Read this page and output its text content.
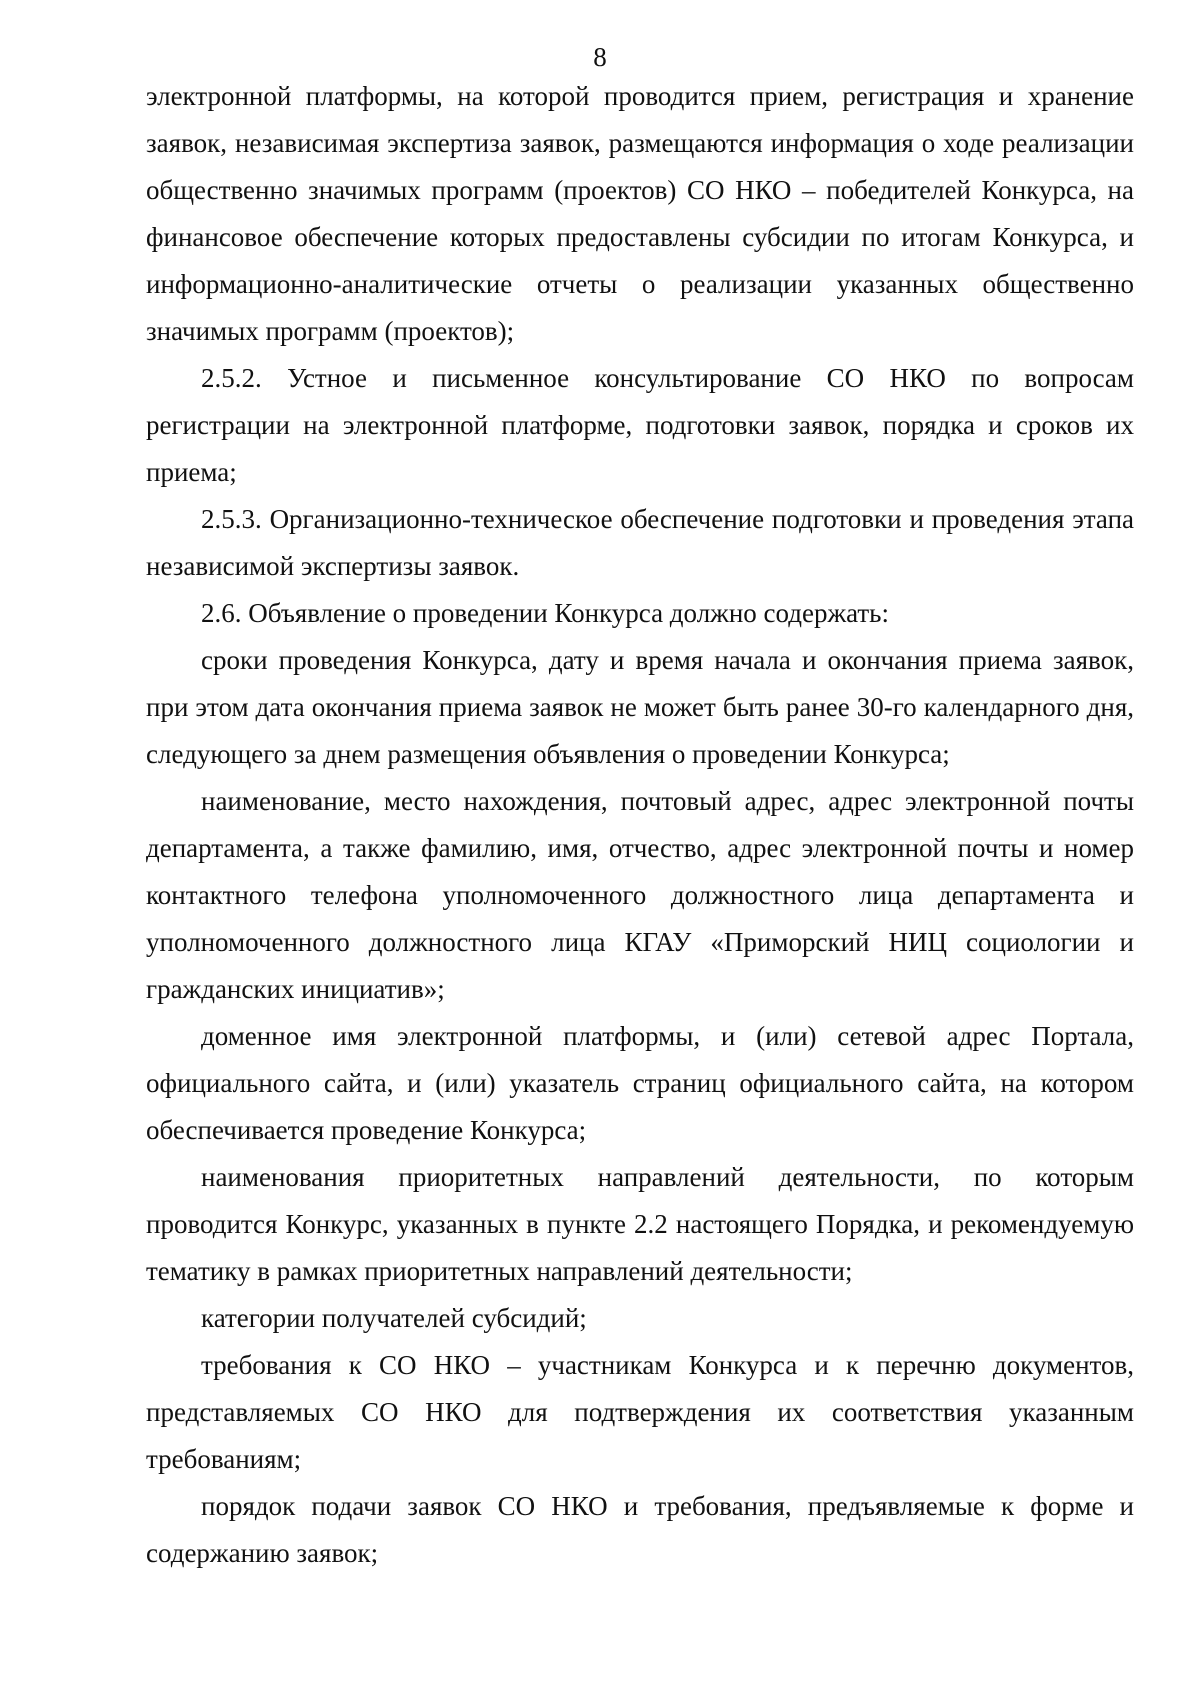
8

электронной платформы, на которой проводится прием, регистрация и хранение заявок, независимая экспертиза заявок, размещаются информация о ходе реализации общественно значимых программ (проектов) СО НКО – победителей Конкурса, на финансовое обеспечение которых предоставлены субсидии по итогам Конкурса, и информационно-аналитические отчеты о реализации указанных общественно значимых программ (проектов);

2.5.2. Устное и письменное консультирование СО НКО по вопросам регистрации на электронной платформе, подготовки заявок, порядка и сроков их приема;

2.5.3. Организационно-техническое обеспечение подготовки и проведения этапа независимой экспертизы заявок.

2.6. Объявление о проведении Конкурса должно содержать:

сроки проведения Конкурса, дату и время начала и окончания приема заявок, при этом дата окончания приема заявок не может быть ранее 30-го календарного дня, следующего за днем размещения объявления о проведении Конкурса;

наименование, место нахождения, почтовый адрес, адрес электронной почты департамента, а также фамилию, имя, отчество, адрес электронной почты и номер контактного телефона уполномоченного должностного лица департамента и уполномоченного должностного лица КГАУ «Приморский НИЦ социологии и гражданских инициатив»;

доменное имя электронной платформы, и (или) сетевой адрес Портала, официального сайта, и (или) указатель страниц официального сайта, на котором обеспечивается проведение Конкурса;

наименования приоритетных направлений деятельности, по которым проводится Конкурс, указанных в пункте 2.2 настоящего Порядка, и рекомендуемую тематику в рамках приоритетных направлений деятельности;

категории получателей субсидий;

требования к СО НКО – участникам Конкурса и к перечню документов, представляемых СО НКО для подтверждения их соответствия указанным требованиям;

порядок подачи заявок СО НКО и требования, предъявляемые к форме и содержанию заявок;
